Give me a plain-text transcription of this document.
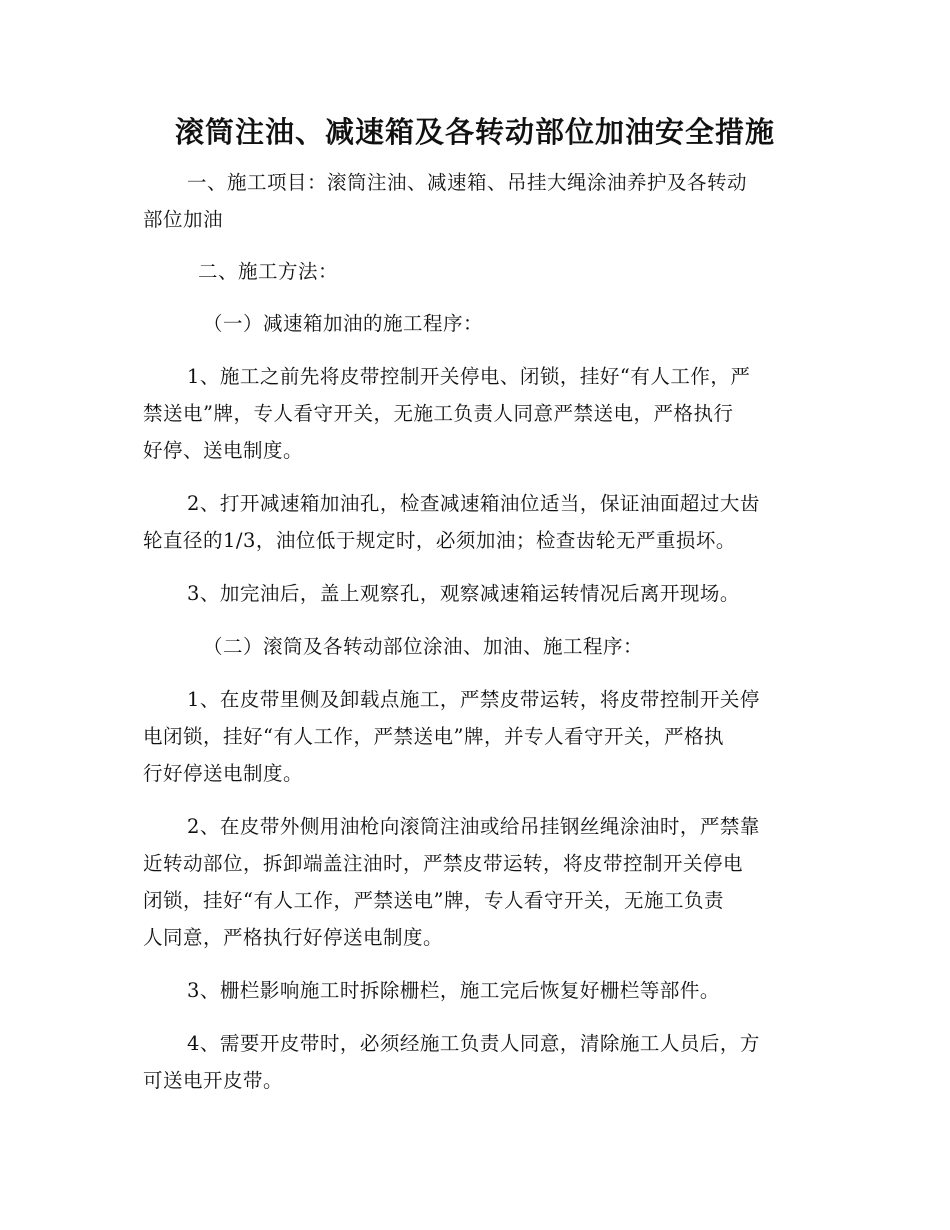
滚筒注油、减速箱及各转动部位加油安全措施
一、施工项目：滚筒注油、减速箱、吊挂大绳涂油养护及各转动
部位加油
二、施工方法：
（一）减速箱加油的施工程序：
1、施工之前先将皮带控制开关停电、闭锁，挂好“有人工作，严
禁送电”牌，专人看守开关，无施工负责人同意严禁送电，严格执行
好停、送电制度。
2、打开减速箱加油孔，检查减速箱油位适当，保证油面超过大齿
轮直径的1/3，油位低于规定时，必须加油；检查齿轮无严重损坏。
3、加完油后，盖上观察孔，观察减速箱运转情况后离开现场。
（二）滚筒及各转动部位涂油、加油、施工程序：
1、在皮带里侧及卸载点施工，严禁皮带运转，将皮带控制开关停
电闭锁，挂好“有人工作，严禁送电”牌，并专人看守开关，严格执
行好停送电制度。
2、在皮带外侧用油枪向滚筒注油或给吊挂钢丝绳涂油时，严禁靠
近转动部位，拆卸端盖注油时，严禁皮带运转，将皮带控制开关停电
闭锁，挂好“有人工作，严禁送电”牌，专人看守开关，无施工负责
人同意，严格执行好停送电制度。
3、栅栏影响施工时拆除栅栏，施工完后恢复好栅栏等部件。
4、需要开皮带时，必须经施工负责人同意，清除施工人员后，方
可送电开皮带。
